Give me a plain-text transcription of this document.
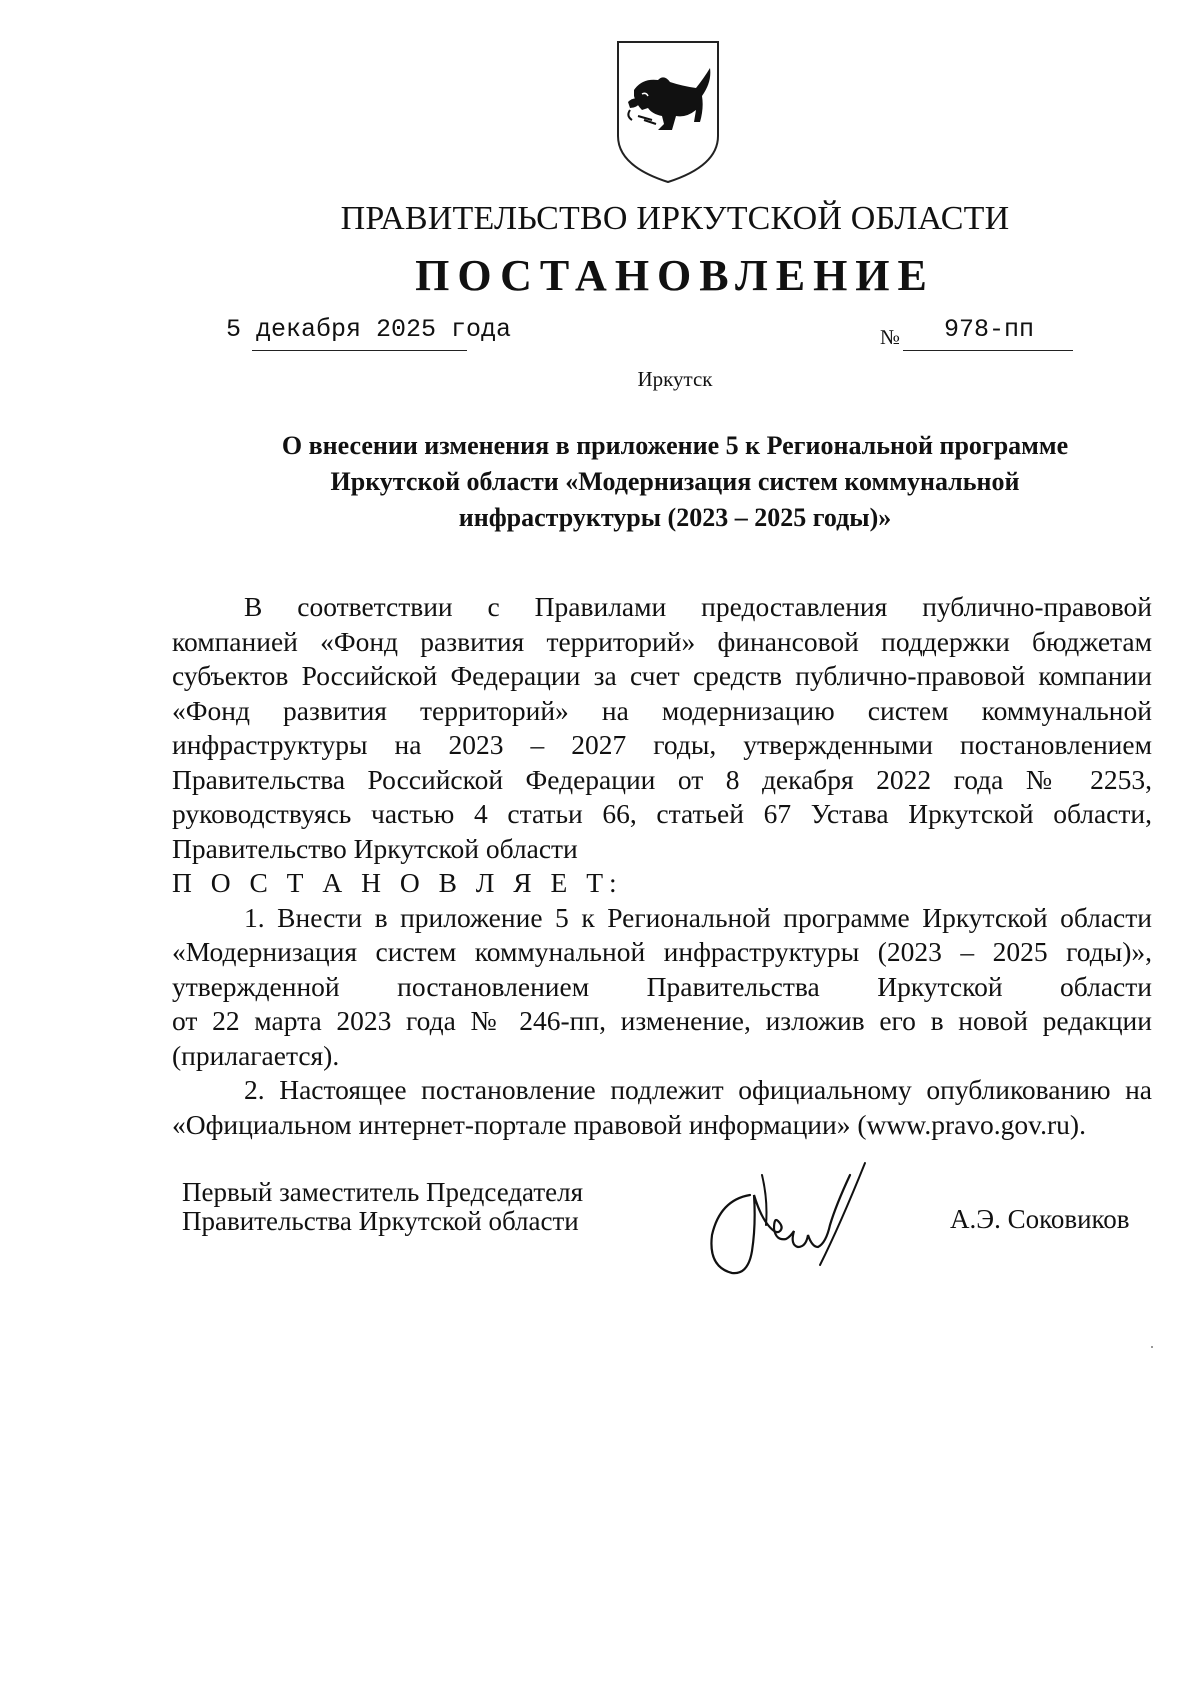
ПРАВИТЕЛЬСТВО ИРКУТСКОЙ ОБЛАСТИ
ПОСТАНОВЛЕНИЕ
5 декабря 2025 года	№ 978-пп
Иркутск
О внесении изменения в приложение 5 к Региональной программе
Иркутской области «Модернизация систем коммунальной
инфраструктуры (2023 – 2025 годы)»
В соответствии с Правилами предоставления публично-правовой
компанией «Фонд развития территорий» финансовой поддержки бюджетам
субъектов Российской Федерации за счет средств публично-правовой компании
«Фонд развития территорий» на модернизацию систем коммунальной
инфраструктуры на 2023 – 2027 годы, утвержденными постановлением
Правительства Российской Федерации от 8 декабря 2022 года № 2253,
руководствуясь частью 4 статьи 66, статьей 67 Устава Иркутской области,
Правительство Иркутской области
П О С Т А Н О В Л Я Е Т:
1. Внести в приложение 5 к Региональной программе Иркутской области
«Модернизация систем коммунальной инфраструктуры (2023 – 2025 годы)»,
утвержденной постановлением Правительства Иркутской области
от 22 марта 2023 года № 246-пп, изменение, изложив его в новой редакции
(прилагается).
2. Настоящее постановление подлежит официальному опубликованию на
«Официальном интернет-портале правовой информации» (www.pravo.gov.ru).
Первый заместитель Председателя
Правительства Иркутской области	А.Э. Соковиков
